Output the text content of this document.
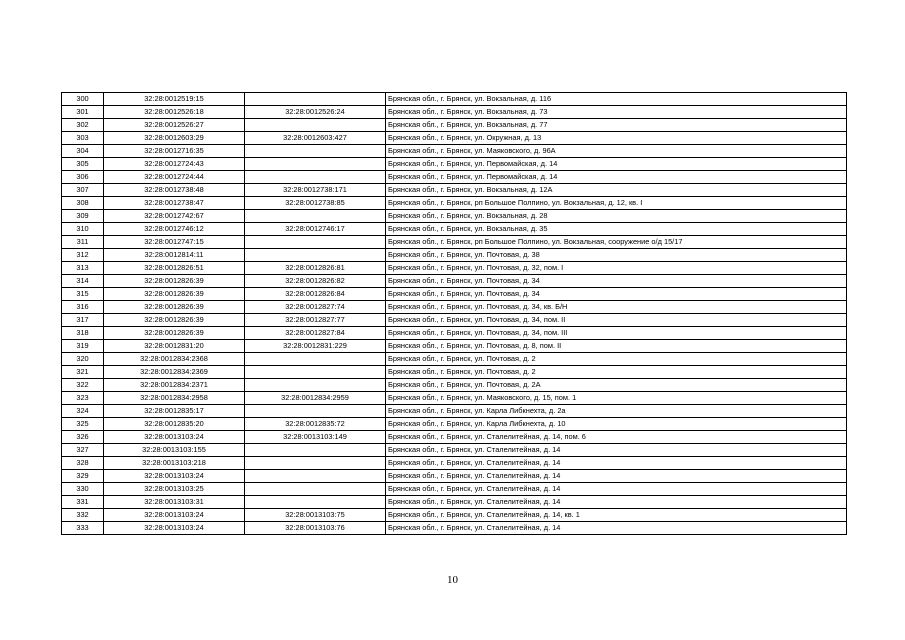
300	32:28:0012519:15		Брянская обл., г. Брянск, ул. Вокзальная, д. 116
301	32:28:0012526:18	32:28:0012526:24	Брянская обл., г. Брянск, ул. Вокзальная, д. 73
302	32:28:0012526:27		Брянская обл., г. Брянск, ул. Вокзальная, д. 77
303	32:28:0012603:29	32:28:0012603:427	Брянская обл., г. Брянск, ул. Окружная, д. 13
304	32:28:0012716:35		Брянская обл., г. Брянск, ул. Маяковского, д. 96А
305	32:28:0012724:43		Брянская обл., г. Брянск, ул. Первомайская, д. 14
306	32:28:0012724:44		Брянская обл., г. Брянск, ул. Первомайская, д. 14
307	32:28:0012738:48	32:28:0012738:171	Брянская обл., г. Брянск, ул. Вокзальная, д. 12А
308	32:28:0012738:47	32:28:0012738:85	Брянская обл., г. Брянск, рп Большое Полпино, ул. Вокзальная, д. 12, кв. I
309	32:28:0012742:67		Брянская обл., г. Брянск, ул. Вокзальная, д. 28
310	32:28:0012746:12	32:28:0012746:17	Брянская обл., г. Брянск, ул. Вокзальная, д. 35
311	32:28:0012747:15		Брянская обл., г. Брянск, рп Большое Полпино, ул. Вокзальная, сооружение о/д 15/17
312	32:28:0012814:11		Брянская обл., г. Брянск, ул. Почтовая, д. 38
313	32:28:0012826:51	32:28:0012826:81	Брянская обл., г. Брянск, ул. Почтовая, д. 32, пом. I
314	32:28:0012826:39	32:28:0012826:82	Брянская обл., г. Брянск, ул. Почтовая, д. 34
315	32:28:0012826:39	32:28:0012826:84	Брянская обл., г. Брянск, ул. Почтовая, д. 34
316	32:28:0012826:39	32:28:0012827:74	Брянская обл., г. Брянск, ул. Почтовая, д. 34, кв. Б/Н
317	32:28:0012826:39	32:28:0012827:77	Брянская обл., г. Брянск, ул. Почтовая, д. 34, пом. II
318	32:28:0012826:39	32:28:0012827:84	Брянская обл., г. Брянск, ул. Почтовая, д. 34, пом. III
319	32:28:0012831:20	32:28:0012831:229	Брянская обл., г. Брянск, ул. Почтовая, д. 8, пом. II
320	32:28:0012834:2368		Брянская обл., г. Брянск, ул. Почтовая, д. 2
321	32:28:0012834:2369		Брянская обл., г. Брянск, ул. Почтовая, д. 2
322	32:28:0012834:2371		Брянская обл., г. Брянск, ул. Почтовая, д. 2А
323	32:28:0012834:2958	32:28:0012834:2959	Брянская обл., г. Брянск, ул. Маяковского, д. 15, пом. 1
324	32:28:0012835:17		Брянская обл., г. Брянск, ул. Карла Либкнехта, д. 2а
325	32:28:0012835:20	32:28:0012835:72	Брянская обл., г. Брянск, ул. Карла Либкнехта, д. 10
326	32:28:0013103:24	32:28:0013103:149	Брянская обл., г. Брянск, ул. Сталелитейная, д. 14, пом. 6
327	32:28:0013103:155		Брянская обл., г. Брянск, ул. Сталелитейная, д. 14
328	32:28:0013103:218		Брянская обл., г. Брянск, ул. Сталелитейная, д. 14
329	32:28:0013103:24		Брянская обл., г. Брянск, ул. Сталелитейная, д. 14
330	32:28:0013103:25		Брянская обл., г. Брянск, ул. Сталелитейная, д. 14
331	32:28:0013103:31		Брянская обл., г. Брянск, ул. Сталелитейная, д. 14
332	32:28:0013103:24	32:28:0013103:75	Брянская обл., г. Брянск, ул. Сталелитейная, д. 14, кв. 1
333	32:28:0013103:24	32:28:0013103:76	Брянская обл., г. Брянск, ул. Сталелитейная, д. 14
10
